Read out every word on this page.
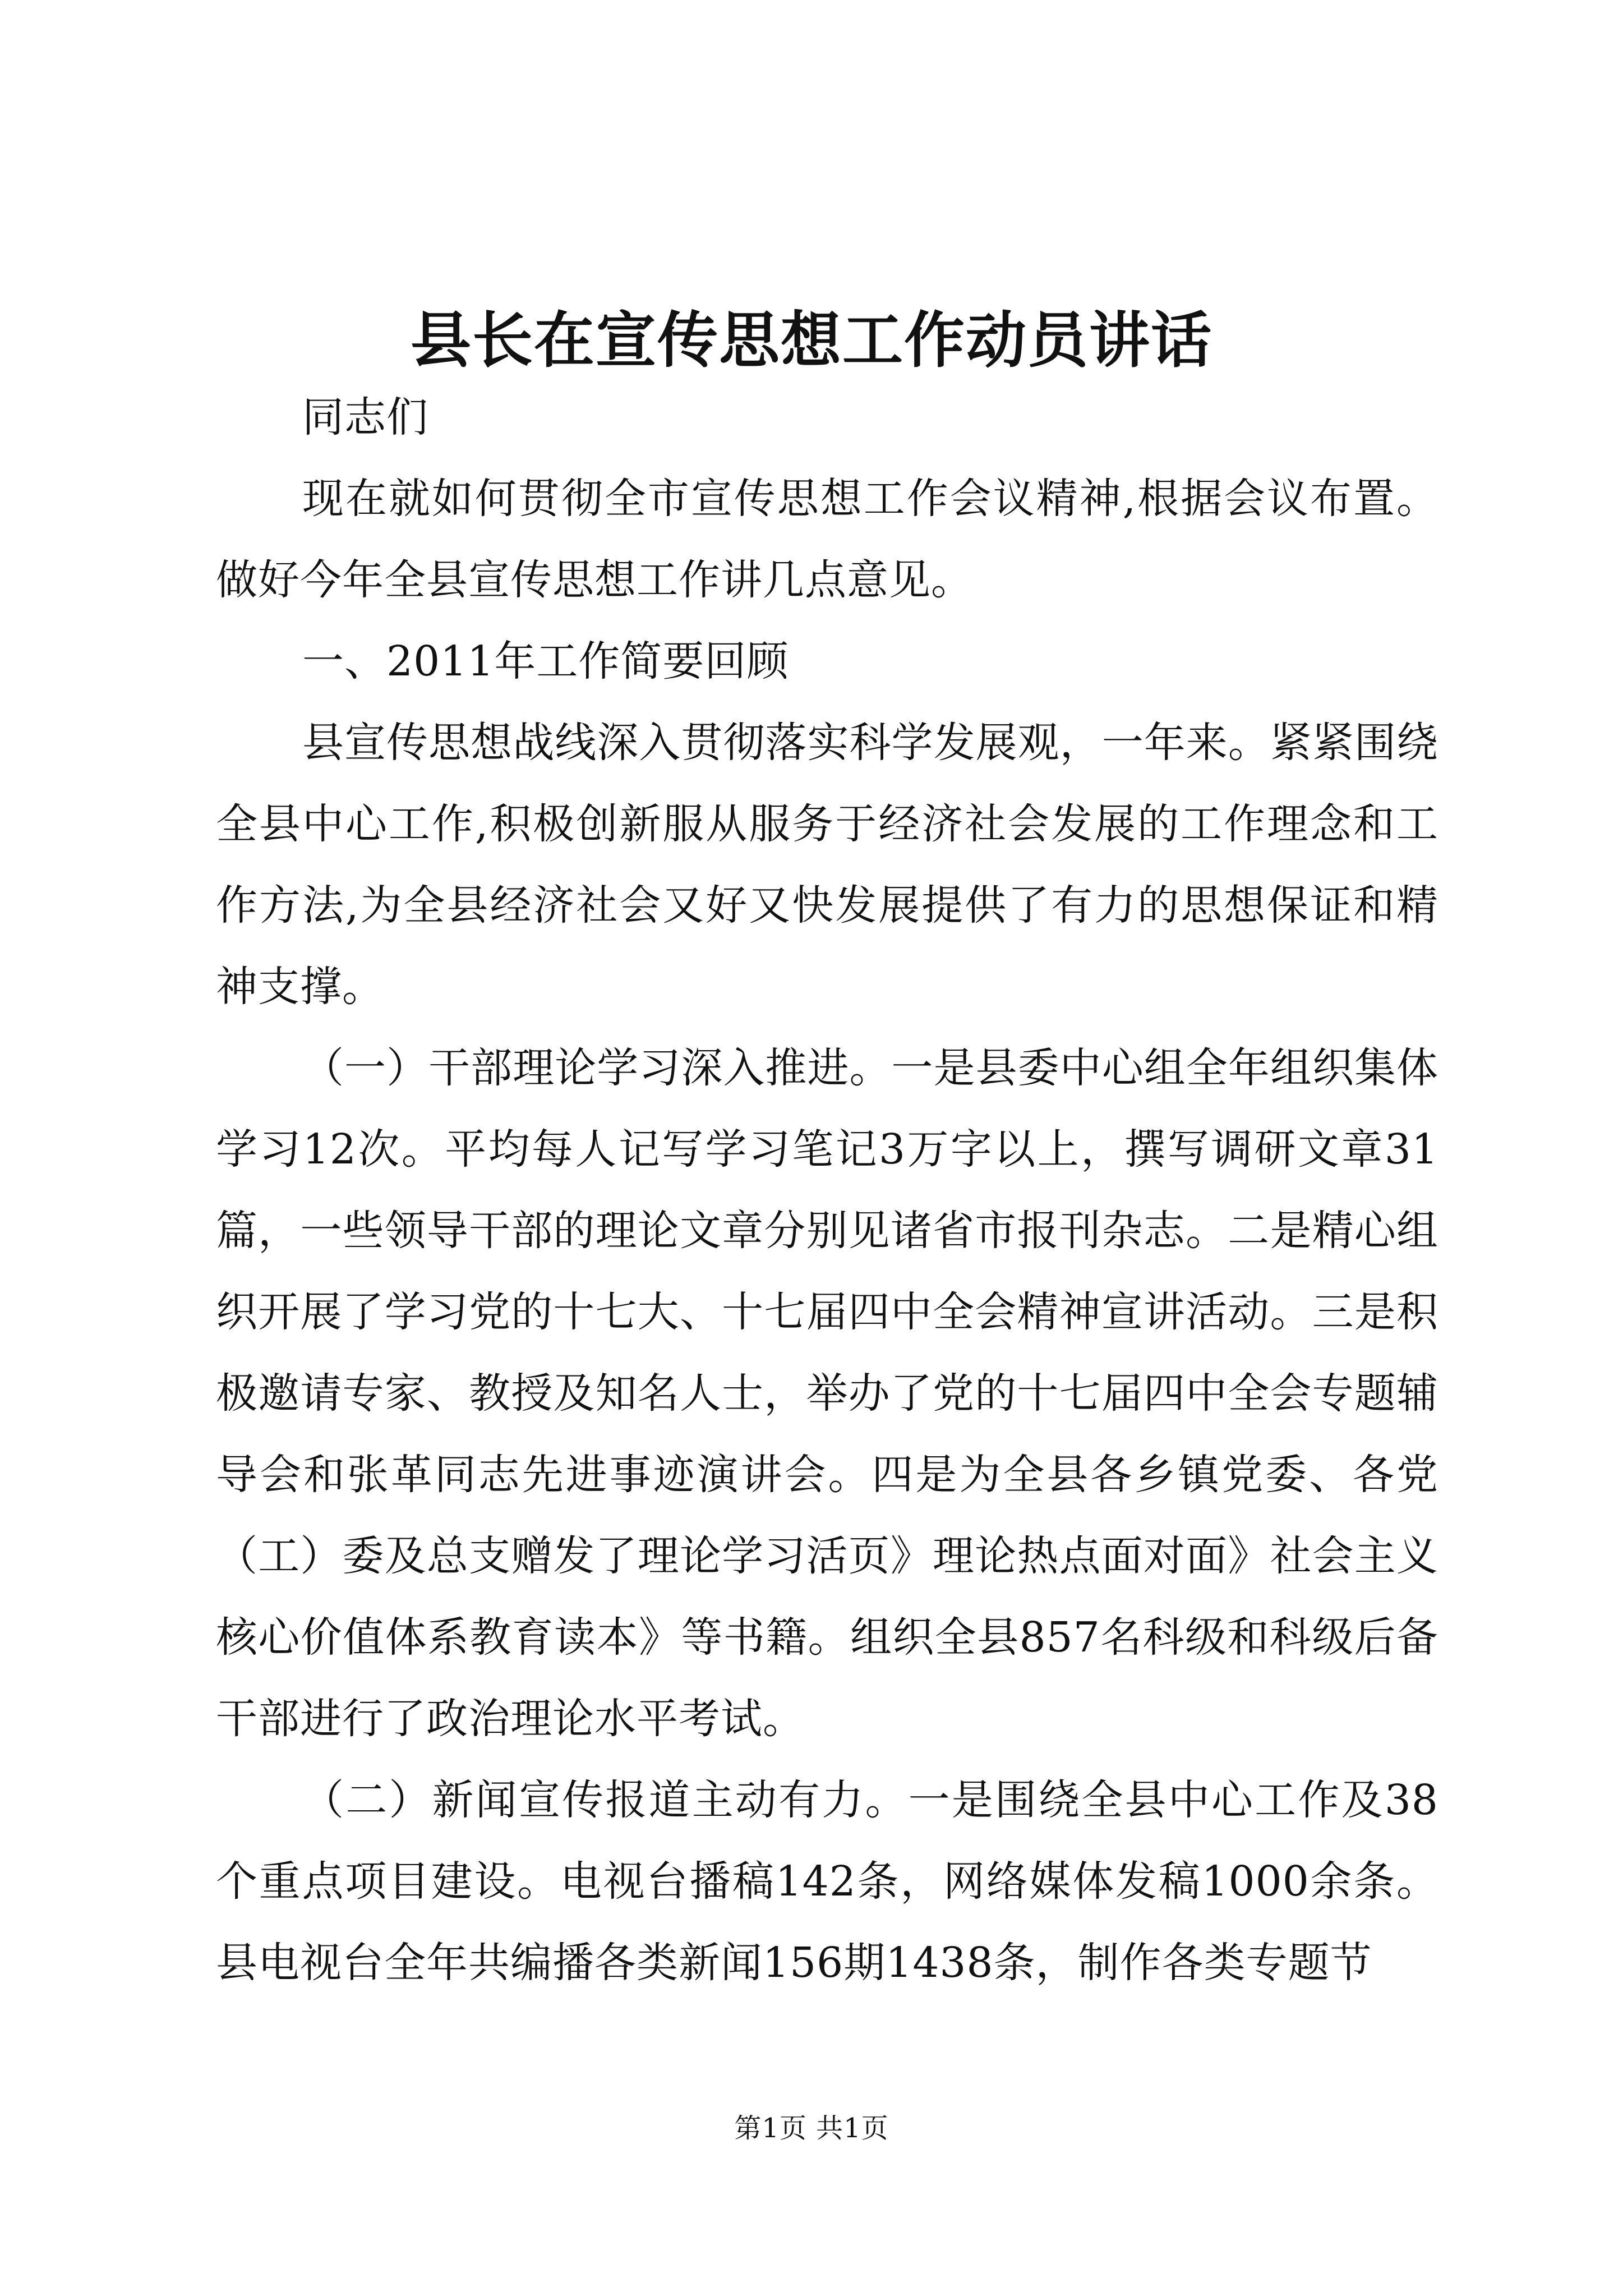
县长在宣传思想工作动员讲话

同志们

现在就如何贯彻全市宣传思想工作会议精神,根据会议布置。做好今年全县宣传思想工作讲几点意见。

一、2011年工作简要回顾

县宣传思想战线深入贯彻落实科学发展观，一年来。紧紧围绕全县中心工作,积极创新服从服务于经济社会发展的工作理念和工作方法,为全县经济社会又好又快发展提供了有力的思想保证和精神支撑。

（一）干部理论学习深入推进。一是县委中心组全年组织集体学习12次。平均每人记写学习笔记3万字以上，撰写调研文章31篇，一些领导干部的理论文章分别见诸省市报刊杂志。二是精心组织开展了学习党的十七大、十七届四中全会精神宣讲活动。三是积极邀请专家、教授及知名人士，举办了党的十七届四中全会专题辅导会和张革同志先进事迹演讲会。四是为全县各乡镇党委、各党（工）委及总支赠发了理论学习活页》理论热点面对面》社会主义核心价值体系教育读本》等书籍。组织全县857名科级和科级后备干部进行了政治理论水平考试。

（二）新闻宣传报道主动有力。一是围绕全县中心工作及38个重点项目建设。电视台播稿142条，网络媒体发稿1000余条。县电视台全年共编播各类新闻156期1438条，制作各类专题节

第1页 共1页
